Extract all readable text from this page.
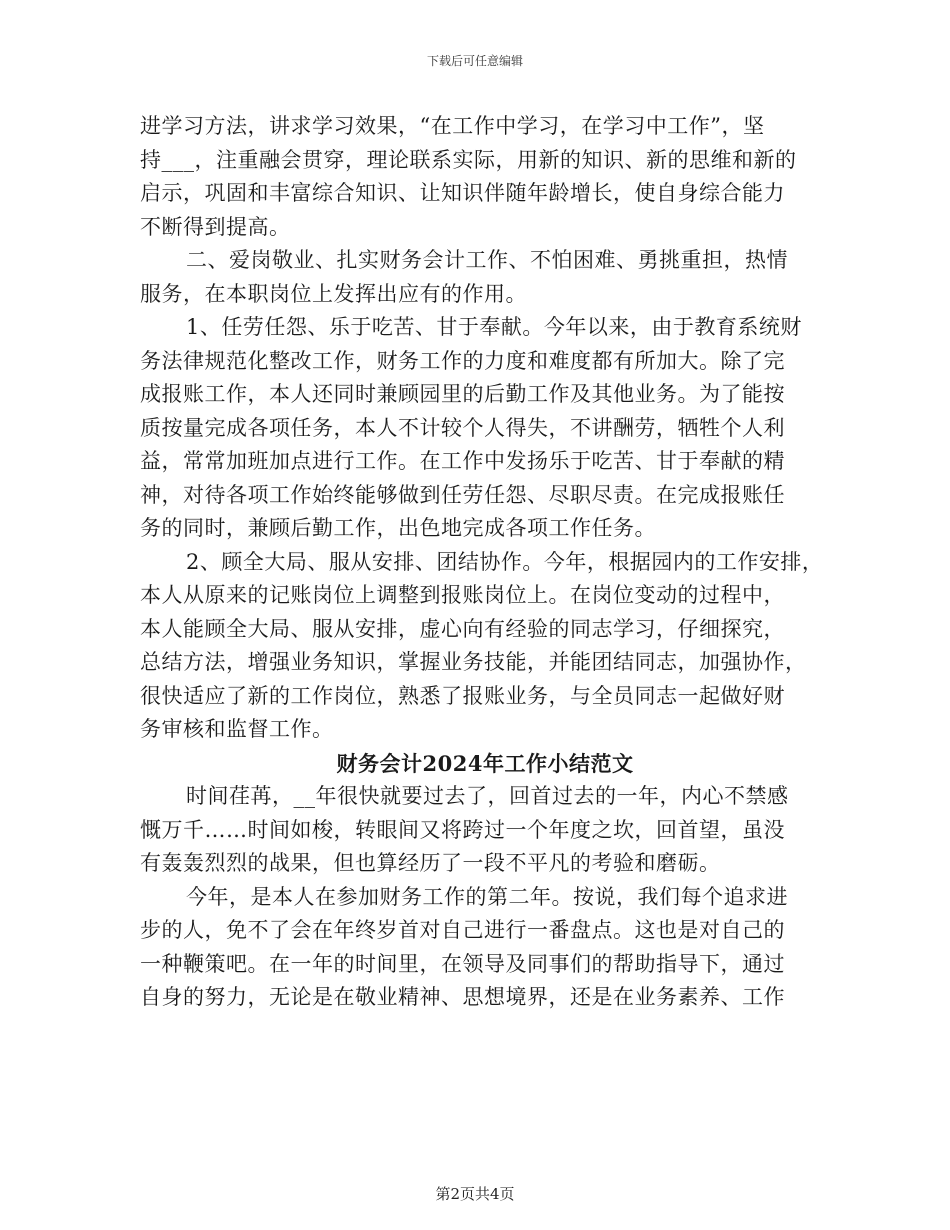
下载后可任意编辑
进学习方法，讲求学习效果，“在工作中学习，在学习中工作”，坚
持___，注重融会贯穿，理论联系实际，用新的知识、新的思维和新的
启示，巩固和丰富综合知识、让知识伴随年龄增长，使自身综合能力
不断得到提高。
二、爱岗敬业、扎实财务会计工作、不怕困难、勇挑重担，热情
服务，在本职岗位上发挥出应有的作用。
1、任劳任怨、乐于吃苦、甘于奉献。今年以来，由于教育系统财
务法律规范化整改工作，财务工作的力度和难度都有所加大。除了完
成报账工作，本人还同时兼顾园里的后勤工作及其他业务。为了能按
质按量完成各项任务，本人不计较个人得失，不讲酬劳，牺牲个人利
益，常常加班加点进行工作。在工作中发扬乐于吃苦、甘于奉献的精
神，对待各项工作始终能够做到任劳任怨、尽职尽责。在完成报账任
务的同时，兼顾后勤工作，出色地完成各项工作任务。
2、顾全大局、服从安排、团结协作。今年，根据园内的工作安排，
本人从原来的记账岗位上调整到报账岗位上。在岗位变动的过程中，
本人能顾全大局、服从安排，虚心向有经验的同志学习，仔细探究，
总结方法，增强业务知识，掌握业务技能，并能团结同志，加强协作，
很快适应了新的工作岗位，熟悉了报账业务，与全员同志一起做好财
务审核和监督工作。
财务会计2024年工作小结范文
时间荏苒，__年很快就要过去了，回首过去的一年，内心不禁感
慨万千……时间如梭，转眼间又将跨过一个年度之坎，回首望，虽没
有轰轰烈烈的战果，但也算经历了一段不平凡的考验和磨砺。
今年，是本人在参加财务工作的第二年。按说，我们每个追求进
步的人，免不了会在年终岁首对自己进行一番盘点。这也是对自己的
一种鞭策吧。在一年的时间里，在领导及同事们的帮助指导下，通过
自身的努力，无论是在敬业精神、思想境界，还是在业务素养、工作
第2页共4页
